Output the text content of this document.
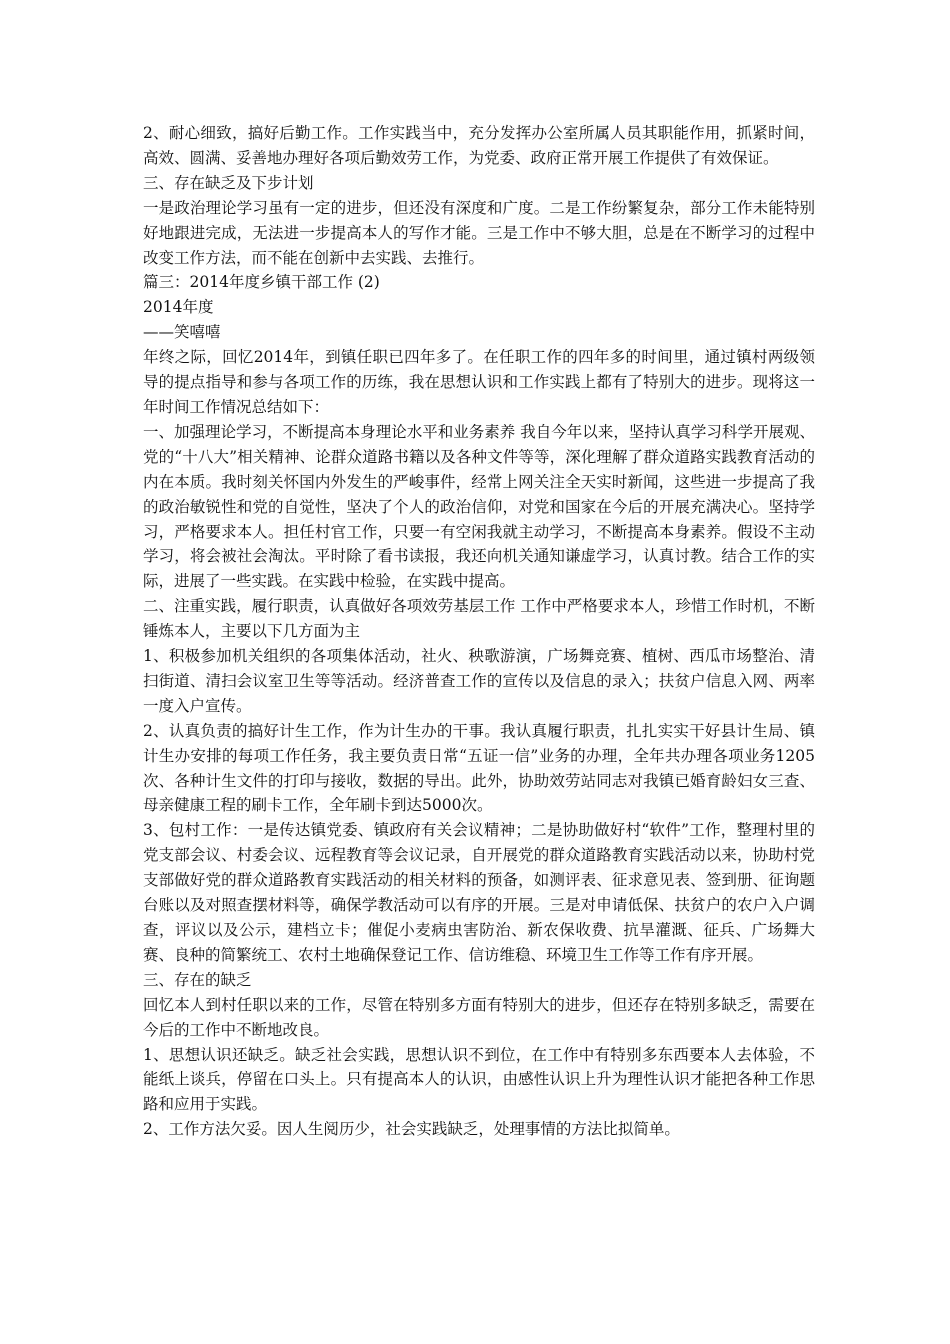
2、耐心细致，搞好后勤工作。工作实践当中，充分发挥办公室所属人员其职能作用，抓紧时间，高效、圆满、妥善地办理好各项后勤效劳工作，为党委、政府正常开展工作提供了有效保证。

三、存在缺乏及下步计划

一是政治理论学习虽有一定的进步，但还没有深度和广度。二是工作纷繁复杂，部分工作未能特别好地跟进完成，无法进一步提高本人的写作才能。三是工作中不够大胆，总是在不断学习的过程中改变工作方法，而不能在创新中去实践、去推行。

篇三：2014年度乡镇干部工作 (2)

2014年度

——笑嘻嘻

年终之际，回忆2014年，到镇任职已四年多了。在任职工作的四年多的时间里，通过镇村两级领导的提点指导和参与各项工作的历练，我在思想认识和工作实践上都有了特别大的进步。现将这一年时间工作情况总结如下：

一、加强理论学习，不断提高本身理论水平和业务素养 我自今年以来，坚持认真学习科学开展观、党的“十八大”相关精神、论群众道路书籍以及各种文件等等，深化理解了群众道路实践教育活动的内在本质。我时刻关怀国内外发生的严峻事件，经常上网关注全天实时新闻，这些进一步提高了我的政治敏锐性和党的自觉性，坚决了个人的政治信仰，对党和国家在今后的开展充满决心。坚持学习，严格要求本人。担任村官工作，只要一有空闲我就主动学习，不断提高本身素养。假设不主动学习，将会被社会淘汰。平时除了看书读报，我还向机关通知谦虚学习，认真讨教。结合工作的实际，进展了一些实践。在实践中检验，在实践中提高。

二、注重实践，履行职责，认真做好各项效劳基层工作 工作中严格要求本人，珍惜工作时机，不断锤炼本人，主要以下几方面为主

1、积极参加机关组织的各项集体活动，社火、秧歌游演，广场舞竞赛、植树、西瓜市场整治、清扫街道、清扫会议室卫生等等活动。经济普查工作的宣传以及信息的录入；扶贫户信息入网、两率一度入户宣传。

2、认真负责的搞好计生工作，作为计生办的干事。我认真履行职责，扎扎实实干好县计生局、镇计生办安排的每项工作任务，我主要负责日常“五证一信”业务的办理，全年共办理各项业务1205次、各种计生文件的打印与接收，数据的导出。此外，协助效劳站同志对我镇已婚育龄妇女三查、母亲健康工程的刷卡工作，全年刷卡到达5000次。

3、包村工作：一是传达镇党委、镇政府有关会议精神；二是协助做好村“软件”工作，整理村里的党支部会议、村委会议、远程教育等会议记录，自开展党的群众道路教育实践活动以来，协助村党支部做好党的群众道路教育实践活动的相关材料的预备，如测评表、征求意见表、签到册、征询题台账以及对照查摆材料等，确保学教活动可以有序的开展。三是对申请低保、扶贫户的农户入户调查，评议以及公示，建档立卡；催促小麦病虫害防治、新农保收费、抗旱灌溉、征兵、广场舞大赛、良种的简繁统工、农村土地确保登记工作、信访维稳、环境卫生工作等工作有序开展。

三、存在的缺乏

回忆本人到村任职以来的工作，尽管在特别多方面有特别大的进步，但还存在特别多缺乏，需要在今后的工作中不断地改良。

1、思想认识还缺乏。缺乏社会实践，思想认识不到位，在工作中有特别多东西要本人去体验，不能纸上谈兵，停留在口头上。只有提高本人的认识，由感性认识上升为理性认识才能把各种工作思路和应用于实践。

2、工作方法欠妥。因人生阅历少，社会实践缺乏，处理事情的方法比拟简单。
